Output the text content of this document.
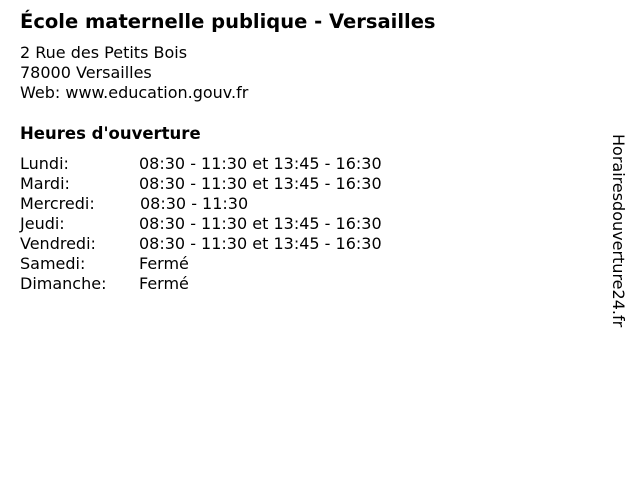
École maternelle publique - Versailles
2 Rue des Petits Bois
78000 Versailles
Web: www.education.gouv.fr
Heures d'ouverture
Lundi:	08:30 - 11:30 et 13:45 - 16:30
Mardi:	08:30 - 11:30 et 13:45 - 16:30
Mercredi:	08:30 - 11:30
Jeudi:	08:30 - 11:30 et 13:45 - 16:30
Vendredi:	08:30 - 11:30 et 13:45 - 16:30
Samedi:	Fermé
Dimanche: Fermé	Horairesdouverture24.fr
